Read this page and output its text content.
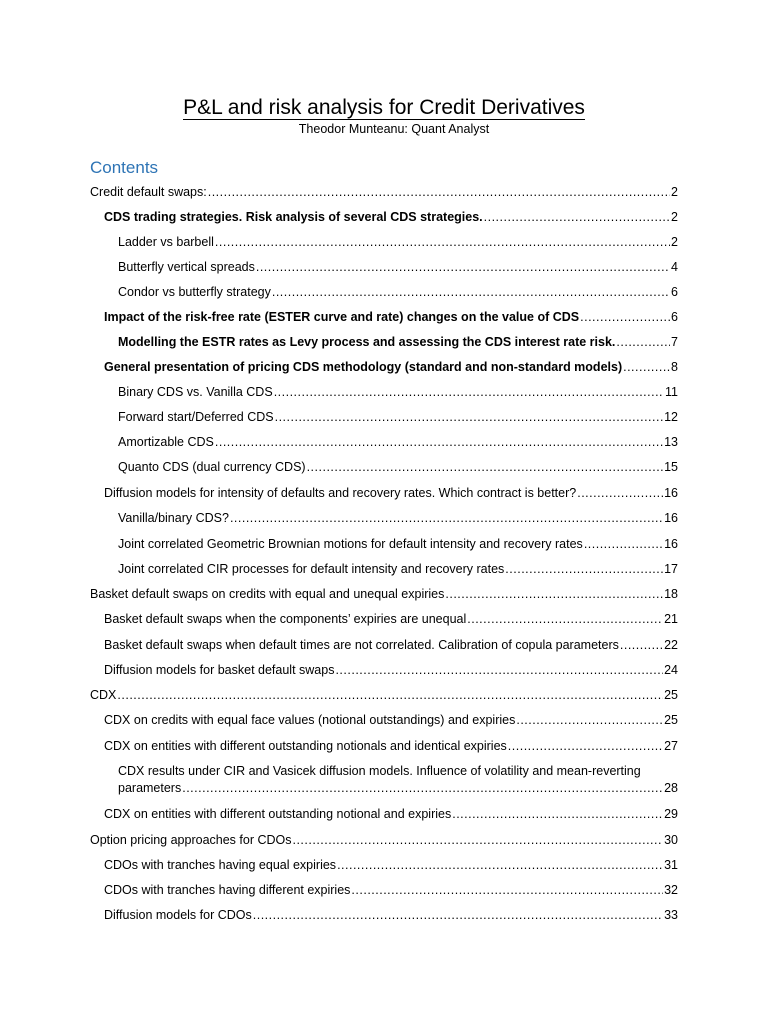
P&L and risk analysis for Credit Derivatives
Theodor Munteanu: Quant Analyst
Contents
Credit default swaps: .....	2
CDS trading strategies. Risk analysis of several CDS strategies. .....	2
Ladder vs barbell .....	2
Butterfly vertical spreads .....	4
Condor vs butterfly strategy .....	6
Impact of the risk-free rate (ESTER curve and rate) changes on the value of CDS .....	6
Modelling the ESTR rates as Levy process and assessing the CDS interest rate risk. .....	7
General presentation of pricing CDS methodology (standard and non-standard models) .....	8
Binary CDS vs. Vanilla CDS .....	11
Forward start/Deferred CDS .....	12
Amortizable CDS .....	13
Quanto CDS (dual currency CDS) .....	15
Diffusion models for intensity of defaults and recovery rates. Which contract is better? .....	16
Vanilla/binary CDS? .....	16
Joint correlated Geometric Brownian motions for default intensity and recovery rates .....	16
Joint correlated CIR processes for default intensity and recovery rates .....	17
Basket default swaps on credits with equal and unequal expiries .....	18
Basket default swaps when the components’ expiries are unequal .....	21
Basket default swaps when default times are not correlated. Calibration of copula parameters .....	22
Diffusion models for basket default swaps .....	24
CDX .....	25
CDX on credits with equal face values (notional outstandings) and expiries .....	25
CDX on entities with different outstanding notionals and identical expiries .....	27
CDX results under CIR and Vasicek diffusion models. Influence of volatility and mean-reverting
parameters .....	28
CDX on entities with different outstanding notional and expiries .....	29
Option pricing approaches for CDOs .....	30
CDOs with tranches having equal expiries .....	31
CDOs with tranches having different expiries .....	32
Diffusion models for CDOs .....	33
